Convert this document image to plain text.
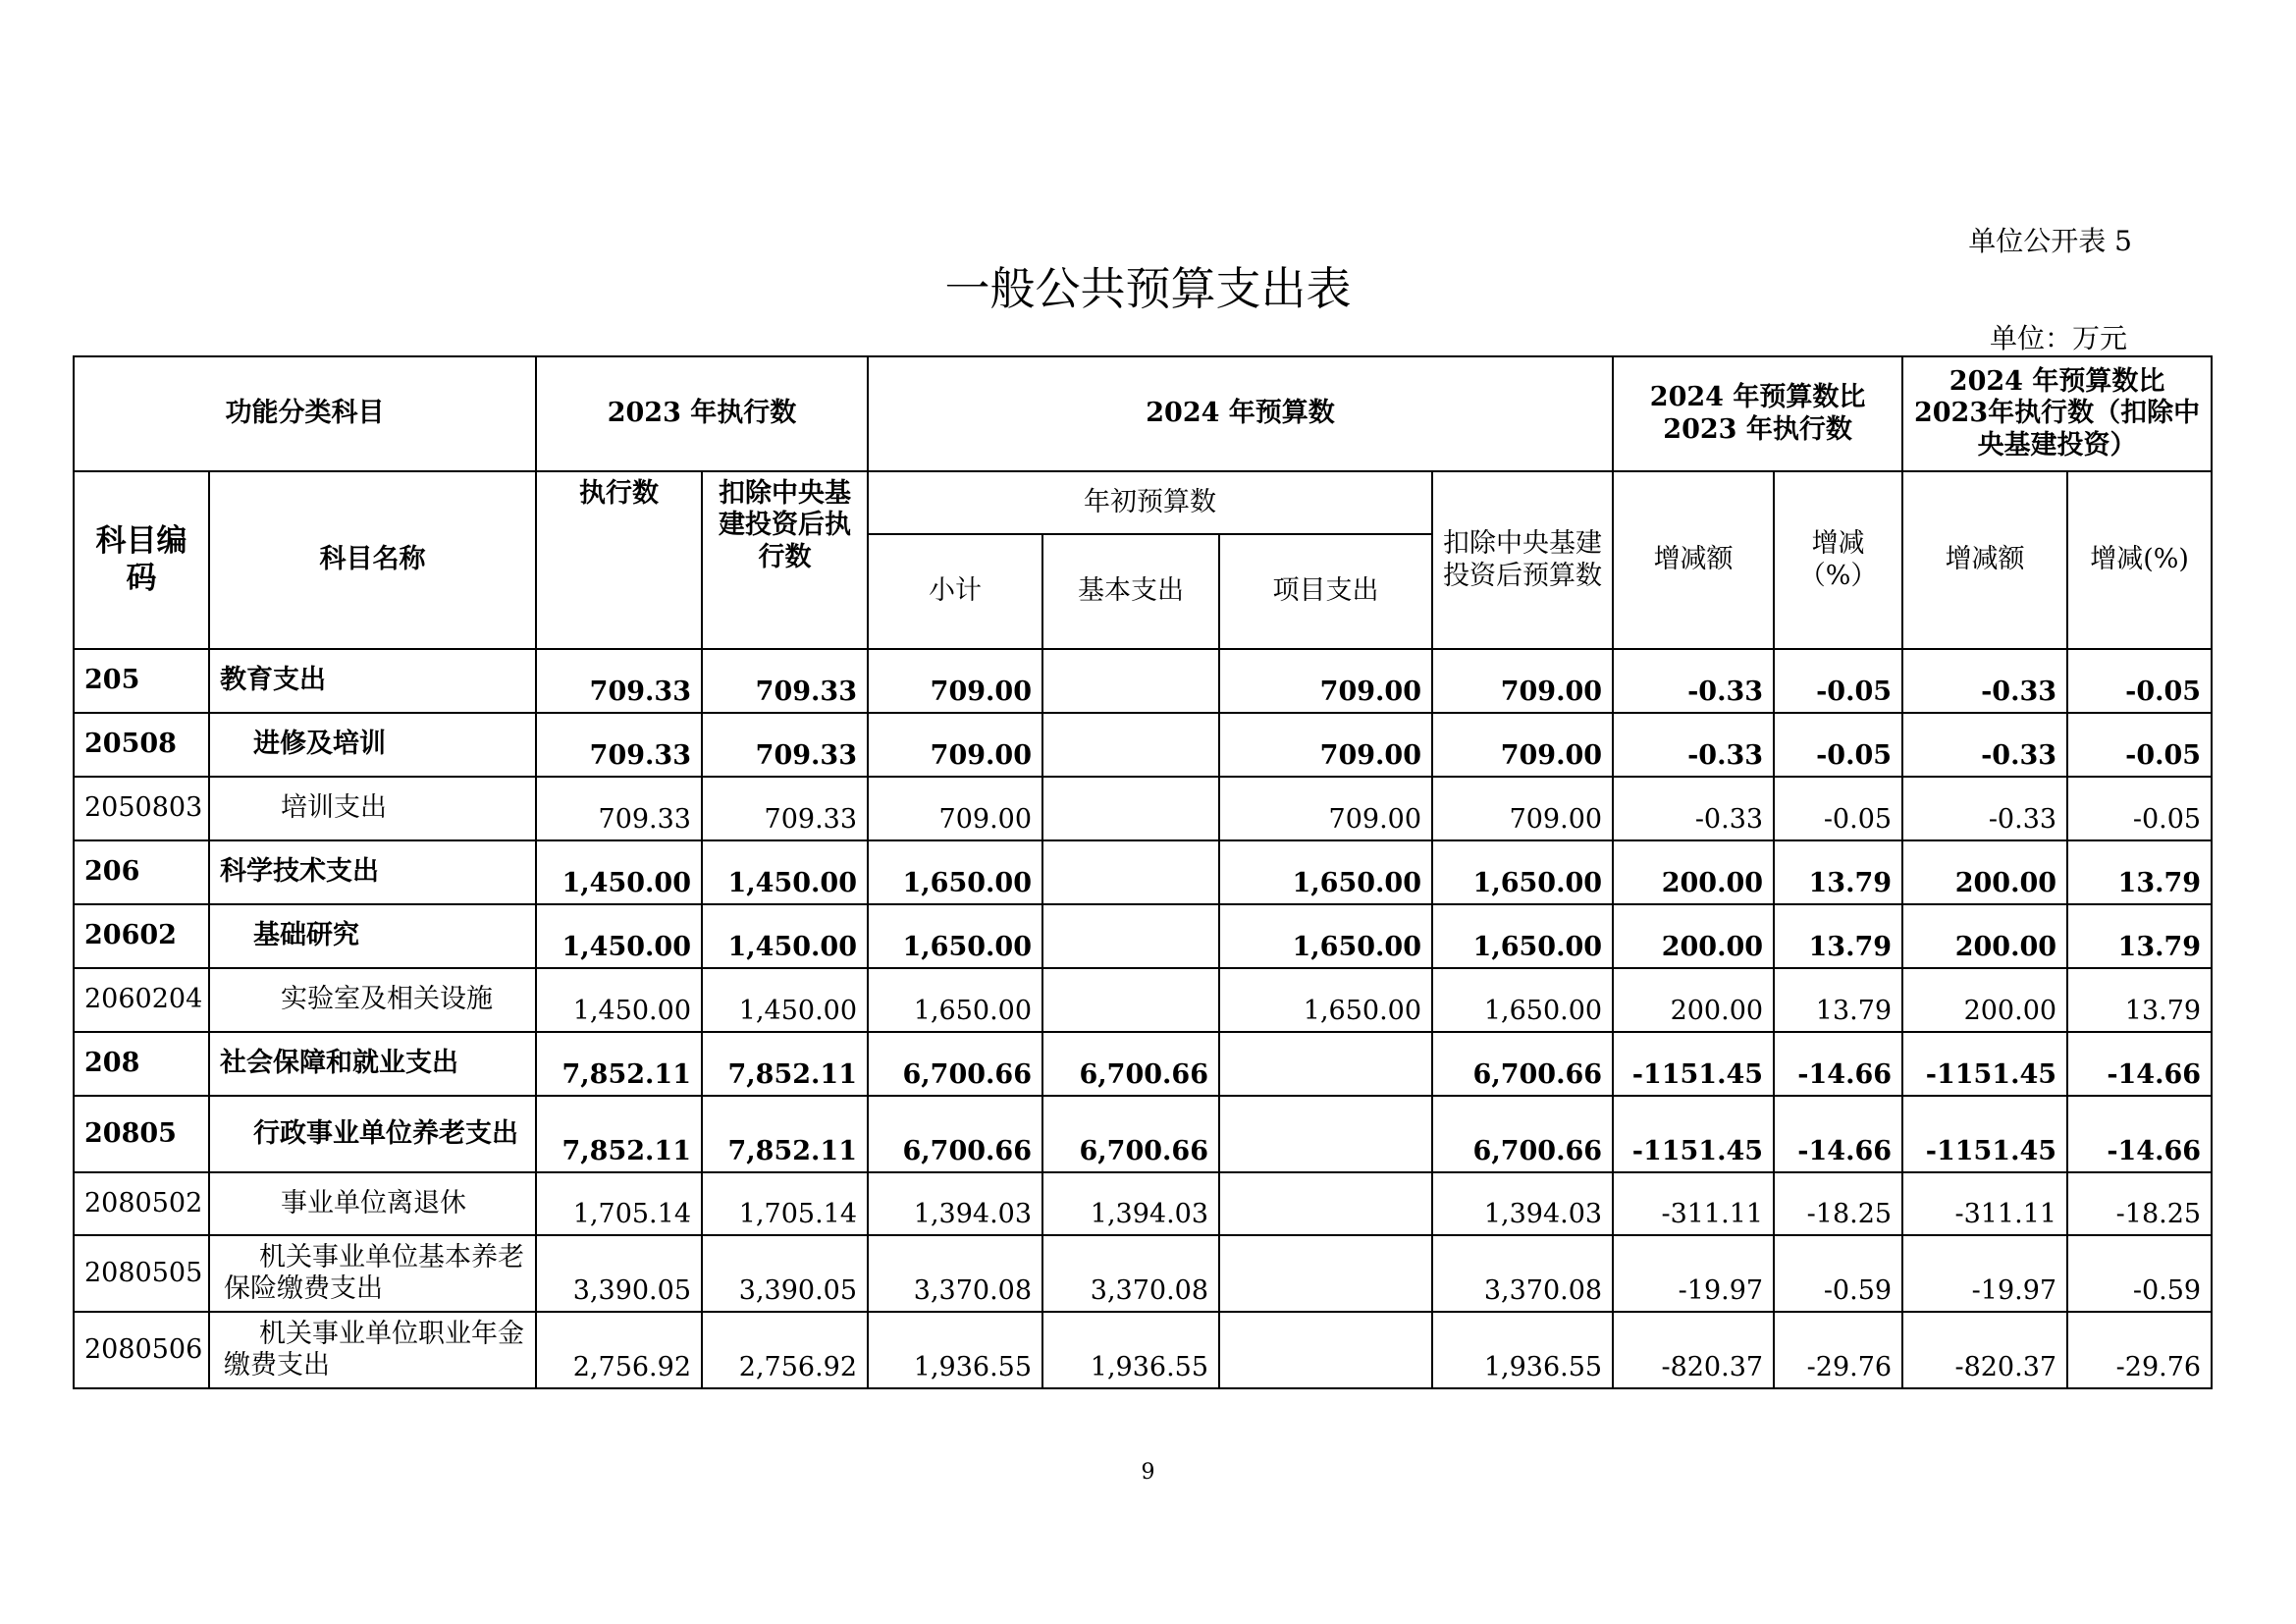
单位公开表 5
一般公共预算支出表
单位：万元
功能分类科目		2023 年执行数		2024 年预算数				2024 年预算数比2023 年执行数		2024 年预算数比2023年执行数（扣除中央基建投资）	
科目编码	科目名称	执行数	扣除中央基建投资后执行数	年初预算数			扣除中央基建投资后预算数	增减额	增减（%）	增减额	增减(%)
				小计	基本支出	项目支出					
205	教育支出	709.33	709.33	709.00		709.00	709.00	-0.33	-0.05	-0.33	-0.05
20508	进修及培训	709.33	709.33	709.00		709.00	709.00	-0.33	-0.05	-0.33	-0.05
2050803	培训支出	709.33	709.33	709.00		709.00	709.00	-0.33	-0.05	-0.33	-0.05
206	科学技术支出	1,450.00	1,450.00	1,650.00		1,650.00	1,650.00	200.00	13.79	200.00	13.79
20602	基础研究	1,450.00	1,450.00	1,650.00		1,650.00	1,650.00	200.00	13.79	200.00	13.79
2060204	实验室及相关设施	1,450.00	1,450.00	1,650.00		1,650.00	1,650.00	200.00	13.79	200.00	13.79
208	社会保障和就业支出	7,852.11	7,852.11	6,700.66	6,700.66		6,700.66	-1151.45	-14.66	-1151.45	-14.66
20805	行政事业单位养老支出	7,852.11	7,852.11	6,700.66	6,700.66		6,700.66	-1151.45	-14.66	-1151.45	-14.66
2080502	事业单位离退休	1,705.14	1,705.14	1,394.03	1,394.03		1,394.03	-311.11	-18.25	-311.11	-18.25
2080505	机关事业单位基本养老保险缴费支出	3,390.05	3,390.05	3,370.08	3,370.08		3,370.08	-19.97	-0.59	-19.97	-0.59
2080506	机关事业单位职业年金缴费支出	2,756.92	2,756.92	1,936.55	1,936.55		1,936.55	-820.37	-29.76	-820.37	-29.76
9
